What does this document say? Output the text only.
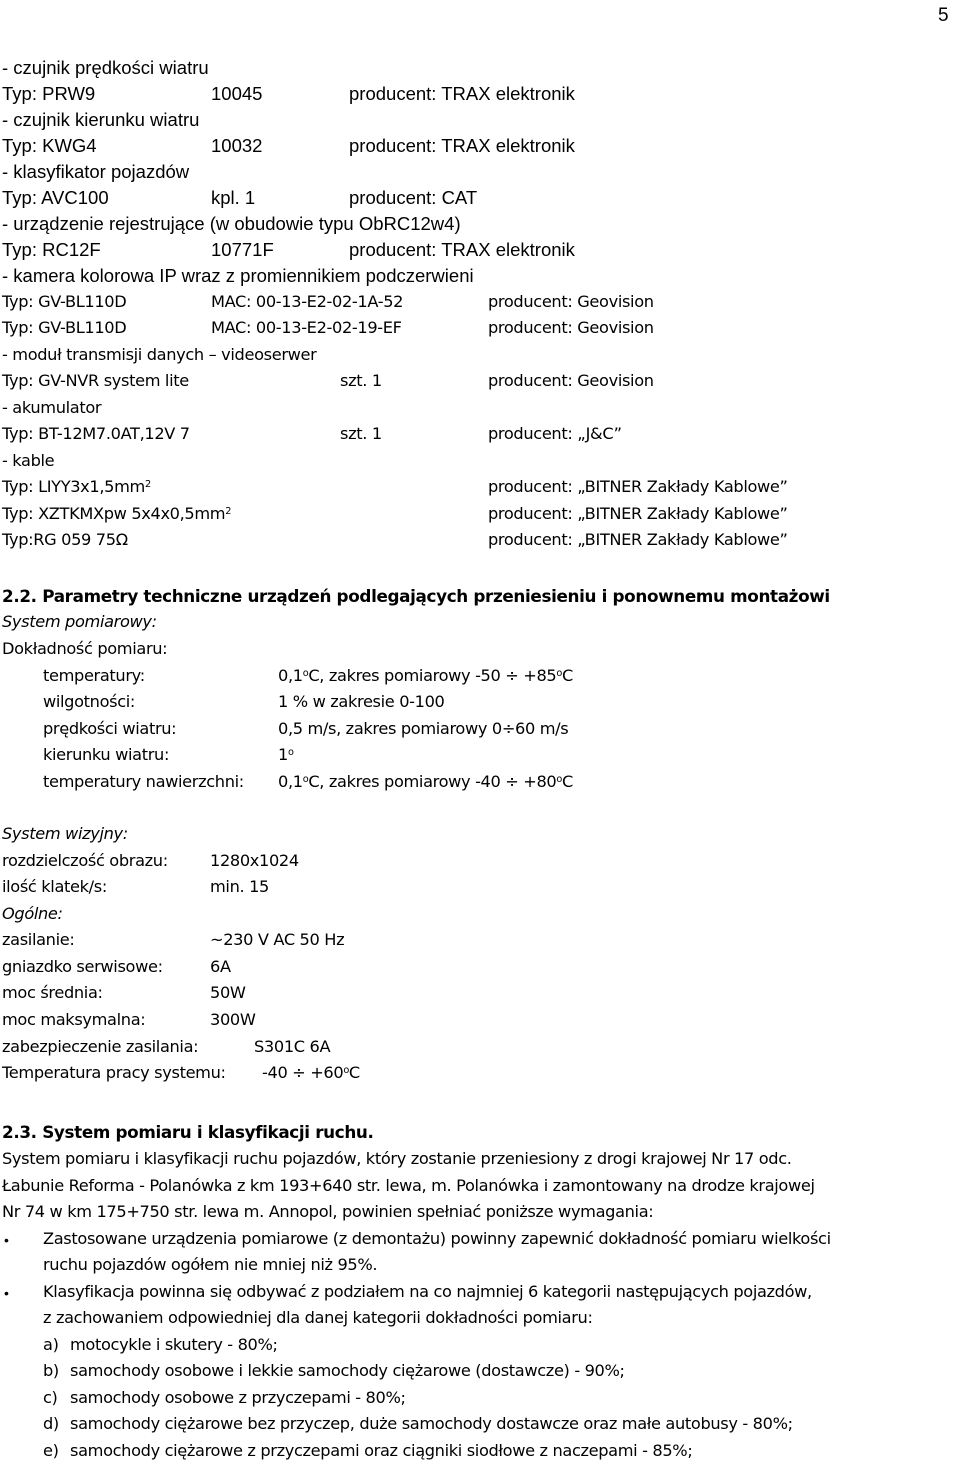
5
- czujnik prędkości wiatru
Typ: PRW9	10045	producent: TRAX elektronik
- czujnik kierunku wiatru
Typ: KWG4	10032	producent: TRAX elektronik
- klasyfikator pojazdów
Typ: AVC100	kpl. 1	producent: CAT
- urządzenie rejestrujące (w obudowie typu ObRC12w4)
Typ: RC12F	10771F	producent: TRAX elektronik
- kamera kolorowa IP wraz z promiennikiem podczerwieni
Typ: GV-BL110D	MAC: 00-13-E2-02-1A-52	producent: Geovision
Typ: GV-BL110D	MAC: 00-13-E2-02-19-EF	producent: Geovision
- moduł transmisji danych – videoserwer
Typ: GV-NVR system lite	szt. 1	producent: Geovision
- akumulator
Typ: BT-12M7.0AT,12V 7	szt. 1	producent: „J&C”
- kable
Typ: $LIYY3x1,5mm^2$	producent: „BITNER Zakłady Kablowe”
Typ: XZTKMXpw $5x4x0,5mm^2$	producent: „BITNER Zakłady Kablowe”
Typ:RG 059 75Ω	producent: „BITNER Zakłady Kablowe”
2.2. Parametry techniczne urządzeń podlegających przeniesieniu i ponownemu montażowi
System pomiarowy:
Dokładność pomiaru:
temperatury:	0,1$^o$C, zakres pomiarowy $-50 \div +85^oC$
wilgotności:	1 % w zakresie 0-100
prędkości wiatru:	0,5 m/s, zakres pomiarowy 0÷60 m/s
kierunku wiatru:	1$^o$
temperatury nawierzchni: 0,1$^o$C, zakres pomiarowy $-40 \div +80^oC$
System wizyjny:
rozdzielczość obrazu:	1280x1024
ilość klatek/s:	min. 15
Ogólne:
zasilanie:	~230 V AC 50 Hz
gniazdko serwisowe:	6A
moc średnia:	50W
moc maksymalna:	300W
zabezpieczenie zasilania:	S301C 6A
Temperatura pracy systemu: $-40 \div +60^oC$
2.3. System pomiaru i klasyfikacji ruchu.
System pomiaru i klasyfikacji ruchu pojazdów, który zostanie przeniesiony z drogi krajowej Nr 17 odc.
Łabunie Reforma - Polanówka z km 193+640 str. lewa, m. Polanówka i zamontowany na drodze krajowej
Nr 74 w km 175+750 str. lewa m. Annopol, powinien spełniać poniższe wymagania:
• Zastosowane urządzenia pomiarowe (z demontażu) powinny zapewnić dokładność pomiaru wielkości
ruchu pojazdów ogółem nie mniej niż 95%.
• Klasyfikacja powinna się odbywać z podziałem na co najmniej 6 kategorii następujących pojazdów,
z zachowaniem odpowiedniej dla danej kategorii dokładności pomiaru:
a) motocykle i skutery - 80%;
b) samochody osobowe i lekkie samochody ciężarowe (dostawcze) - 90%;
c) samochody osobowe z przyczepami - 80%;
d) samochody ciężarowe bez przyczep, duże samochody dostawcze oraz małe autobusy - 80%;
e) samochody ciężarowe z przyczepami oraz ciągniki siodłowe z naczepami - 85%;
